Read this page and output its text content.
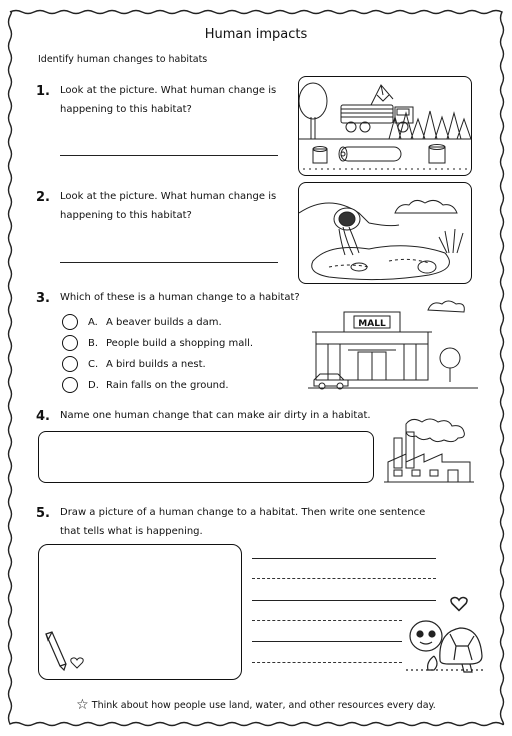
Human impacts
Identify human changes to habitats
1. Look at the picture. What human change is
happening to this habitat?
2. Look at the picture. What human change is
happening to this habitat?
3. Which of these is a human change to a habitat?
A. A beaver builds a dam.
B. People build a shopping mall.
C. A bird builds a nest.
D. Rain falls on the ground.
MALL
4. Name one human change that can make air dirty in a habitat.
5. Draw a picture of a human change to a habitat. Then write one sentence
that tells what is happening.
☆ Think about how people use land, water, and other resources every day.
